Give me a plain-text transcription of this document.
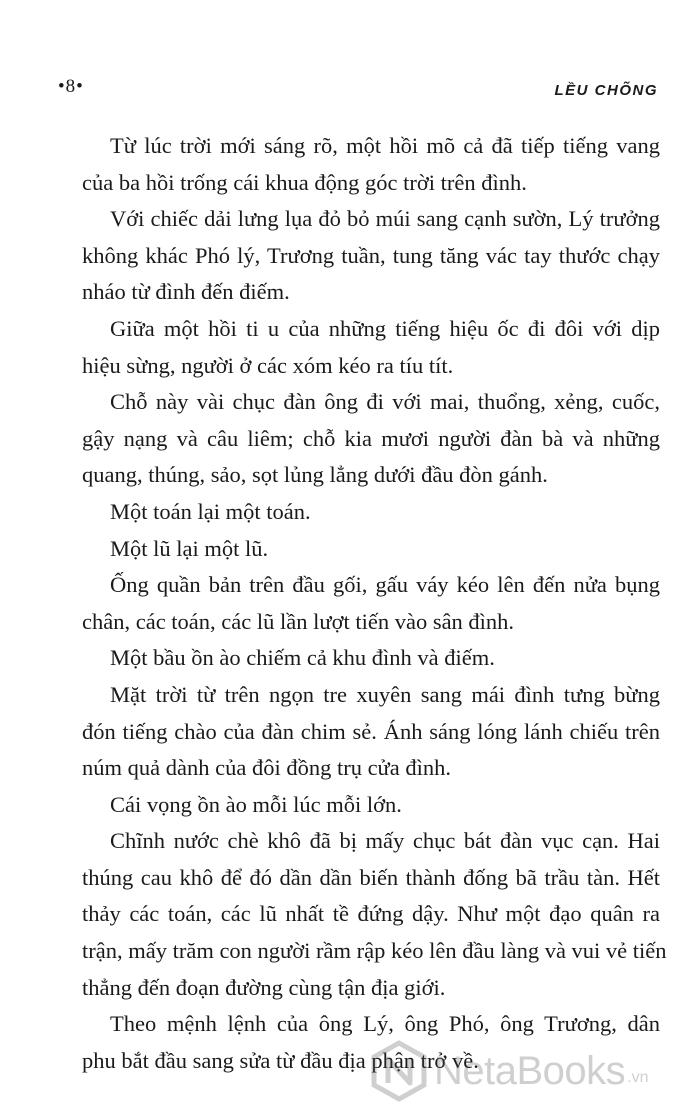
•8•	LỀU CHÕNG
Từ lúc trời mới sáng rõ, một hồi mõ cả đã tiếp tiếng vang
của ba hồi trống cái khua động góc trời trên đình.
Với chiếc dải lưng lụa đỏ bỏ múi sang cạnh sườn, Lý trưởng
không khác Phó lý, Trương tuần, tung tăng vác tay thước chạy
nháo từ đình đến điếm.
Giữa một hồi ti u của những tiếng hiệu ốc đi đôi với dịp
hiệu sừng, người ở các xóm kéo ra tíu tít.
Chỗ này vài chục đàn ông đi với mai, thuổng, xẻng, cuốc,
gậy nạng và câu liêm; chỗ kia mươi người đàn bà và những
quang, thúng, sảo, sọt lủng lẳng dưới đầu đòn gánh.
Một toán lại một toán.
Một lũ lại một lũ.
Ống quần bản trên đầu gối, gấu váy kéo lên đến nửa bụng
chân, các toán, các lũ lần lượt tiến vào sân đình.
Một bầu ồn ào chiếm cả khu đình và điếm.
Mặt trời từ trên ngọn tre xuyên sang mái đình tưng bừng
đón tiếng chào của đàn chim sẻ. Ánh sáng lóng lánh chiếu trên
núm quả dành của đôi đồng trụ cửa đình.
Cái vọng ồn ào mỗi lúc mỗi lớn.
Chĩnh nước chè khô đã bị mấy chục bát đàn vục cạn. Hai
thúng cau khô để đó dần dần biến thành đống bã trầu tàn. Hết
thảy các toán, các lũ nhất tề đứng dậy. Như một đạo quân ra
trận, mấy trăm con người rầm rập kéo lên đầu làng và vui vẻ tiến
thẳng đến đoạn đường cùng tận địa giới.
Theo mệnh lệnh của ông Lý, ông Phó, ông Trương, dân
phu bắt đầu sang sửa từ đầu địa phận trở về.
NetaBooks .vn
